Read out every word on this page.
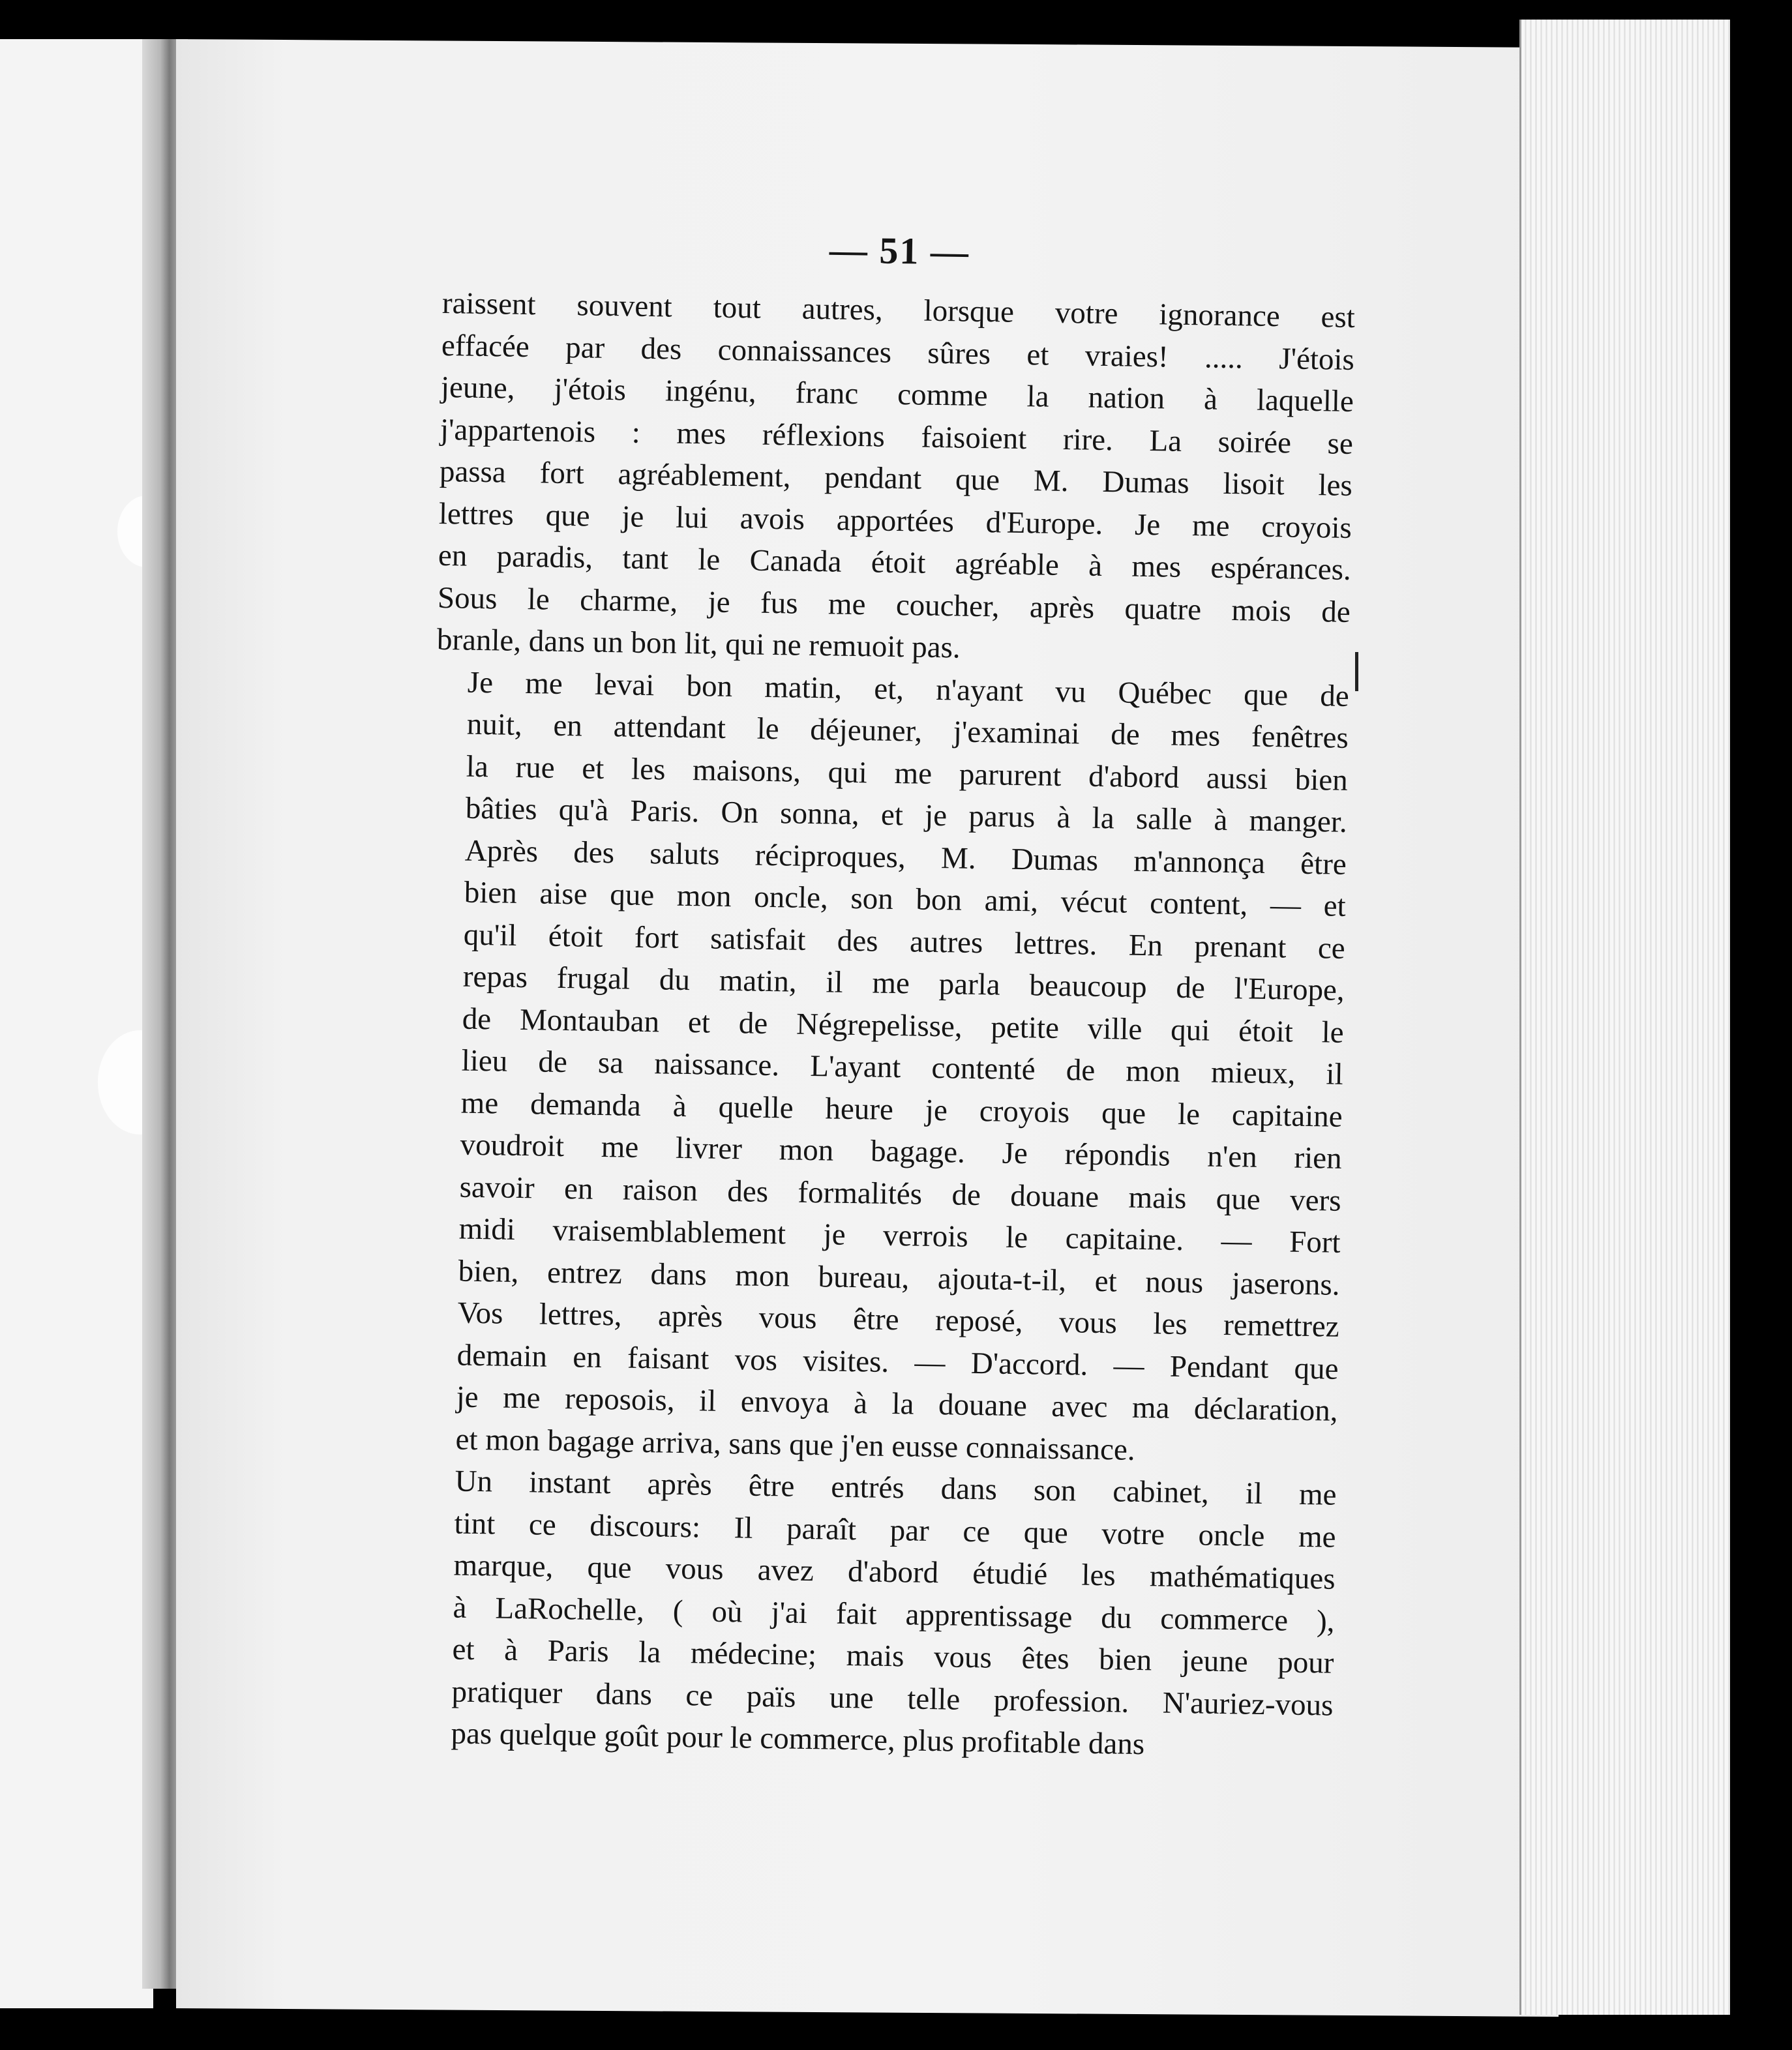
— 51 —

raissent souvent tout autres, lorsque votre ignorance est
effacée par des connaissances sûres et vraies! ..... J'étois
jeune, j'étois ingénu, franc comme la nation à laquelle
j'appartenois : mes réflexions faisoient rire. La soirée se
passa fort agréablement, pendant que M. Dumas lisoit les
lettres que je lui avois apportées d'Europe. Je me croyois
en paradis, tant le Canada étoit agréable à mes espérances.
Sous le charme, je fus me coucher, après quatre mois de
branle, dans un bon lit, qui ne remuoit pas.

Je me levai bon matin, et, n'ayant vu Québec que de
nuit, en attendant le déjeuner, j'examinai de mes fenêtres
la rue et les maisons, qui me parurent d'abord aussi bien
bâties qu'à Paris. On sonna, et je parus à la salle à manger.
Après des saluts réciproques, M. Dumas m'annonça être
bien aise que mon oncle, son bon ami, vécut content, — et
qu'il étoit fort satisfait des autres lettres. En prenant ce
repas frugal du matin, il me parla beaucoup de l'Europe,
de Montauban et de Négrepelisse, petite ville qui étoit le
lieu de sa naissance. L'ayant contenté de mon mieux, il
me demanda à quelle heure je croyois que le capitaine
voudroit me livrer mon bagage. Je répondis n'en rien
savoir en raison des formalités de douane mais que vers
midi vraisemblablement je verrois le capitaine. — Fort
bien, entrez dans mon bureau, ajouta-t-il, et nous jaserons.
Vos lettres, après vous être reposé, vous les remettrez
demain en faisant vos visites. — D'accord. — Pendant que
je me reposois, il envoya à la douane avec ma déclaration,
et mon bagage arriva, sans que j'en eusse connaissance.

Un instant après être entrés dans son cabinet, il me
tint ce discours: Il paraît par ce que votre oncle me
marque, que vous avez d'abord étudié les mathématiques
à LaRochelle, ( où j'ai fait apprentissage du commerce ),
et à Paris la médecine; mais vous êtes bien jeune pour
pratiquer dans ce païs une telle profession. N'auriez-vous
pas quelque goût pour le commerce, plus profitable dans
